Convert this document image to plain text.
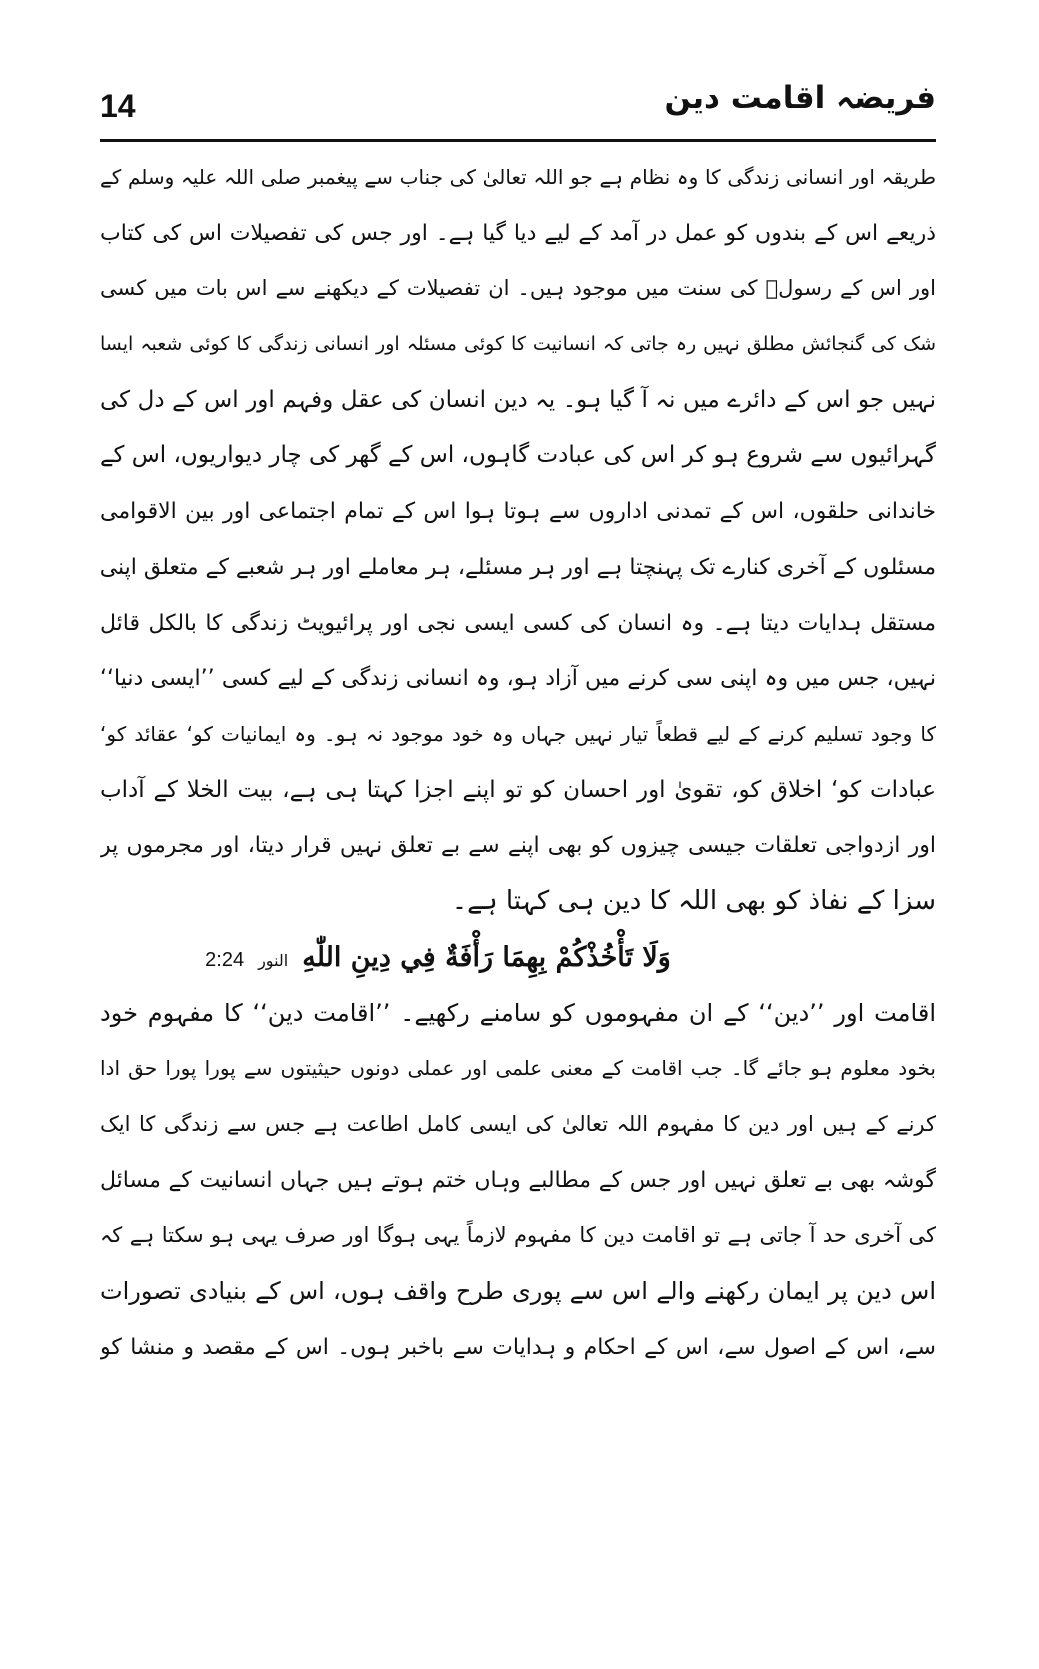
14	فریضہ اقامت دین
طریقہ اور انسانی زندگی کا وہ نظام ہے جو اللہ تعالیٰ کی جناب سے پیغمبر صلی اللہ علیہ وسلم کے
ذریعے اس کے بندوں کو عمل در آمد کے لیے دیا گیا ہے۔ اور جس کی تفصیلات اس کی کتاب
اور اس کے رسولؐ کی سنت میں موجود ہیں۔ ان تفصیلات کے دیکھنے سے اس بات میں کسی
شک کی گنجائش مطلق نہیں رہ جاتی کہ انسانیت کا کوئی مسئلہ اور انسانی زندگی کا کوئی شعبہ ایسا
نہیں جو اس کے دائرے میں نہ آ گیا ہو۔ یہ دین انسان کی عقل وفہم اور اس کے دل کی
گہرائیوں سے شروع ہو کر اس کی عبادت گاہوں، اس کے گھر کی چار دیواریوں، اس کے
خاندانی حلقوں، اس کے تمدنی اداروں سے ہوتا ہوا اس کے تمام اجتماعی اور بین الاقوامی
مسئلوں کے آخری کنارے تک پہنچتا ہے اور ہر مسئلے، ہر معاملے اور ہر شعبے کے متعلق اپنی
مستقل ہدایات دیتا ہے۔ وہ انسان کی کسی ایسی نجی اور پرائیویٹ زندگی کا بالکل قائل
نہیں، جس میں وہ اپنی سی کرنے میں آزاد ہو، وہ انسانی زندگی کے لیے کسی ’’ایسی دنیا‘‘
کا وجود تسلیم کرنے کے لیے قطعاً تیار نہیں جہاں وہ خود موجود نہ ہو۔ وہ ایمانیات کو‘ عقائد کو‘
عبادات کو‘ اخلاق کو، تقویٰ اور احسان کو تو اپنے اجزا کہتا ہی ہے، بیت الخلا کے آداب
اور ازدواجی تعلقات جیسی چیزوں کو بھی اپنے سے بے تعلق نہیں قرار دیتا، اور مجرموں پر
سزا کے نفاذ کو بھی اللہ کا دین ہی کہتا ہے۔
وَلَا تَأْخُذْكُمْ بِهِمَا رَأْفَةٌ فِي دِينِ اللّٰهِ
النور
2:24
اقامت اور ’’دین‘‘ کے ان مفہوموں کو سامنے رکھیے۔ ’’اقامت دین‘‘ کا مفہوم خود
بخود معلوم ہو جائے گا۔ جب اقامت کے معنی علمی اور عملی دونوں حیثیتوں سے پورا پورا حق ادا
کرنے کے ہیں اور دین کا مفہوم اللہ تعالیٰ کی ایسی کامل اطاعت ہے جس سے زندگی کا ایک
گوشہ بھی بے تعلق نہیں اور جس کے مطالبے وہاں ختم ہوتے ہیں جہاں انسانیت کے مسائل
کی آخری حد آ جاتی ہے تو اقامت دین کا مفہوم لازماً یہی ہوگا اور صرف یہی ہو سکتا ہے کہ
اس دین پر ایمان رکھنے والے اس سے پوری طرح واقف ہوں، اس کے بنیادی تصورات
سے، اس کے اصول سے، اس کے احکام و ہدایات سے باخبر ہوں۔ اس کے مقصد و منشا کو
